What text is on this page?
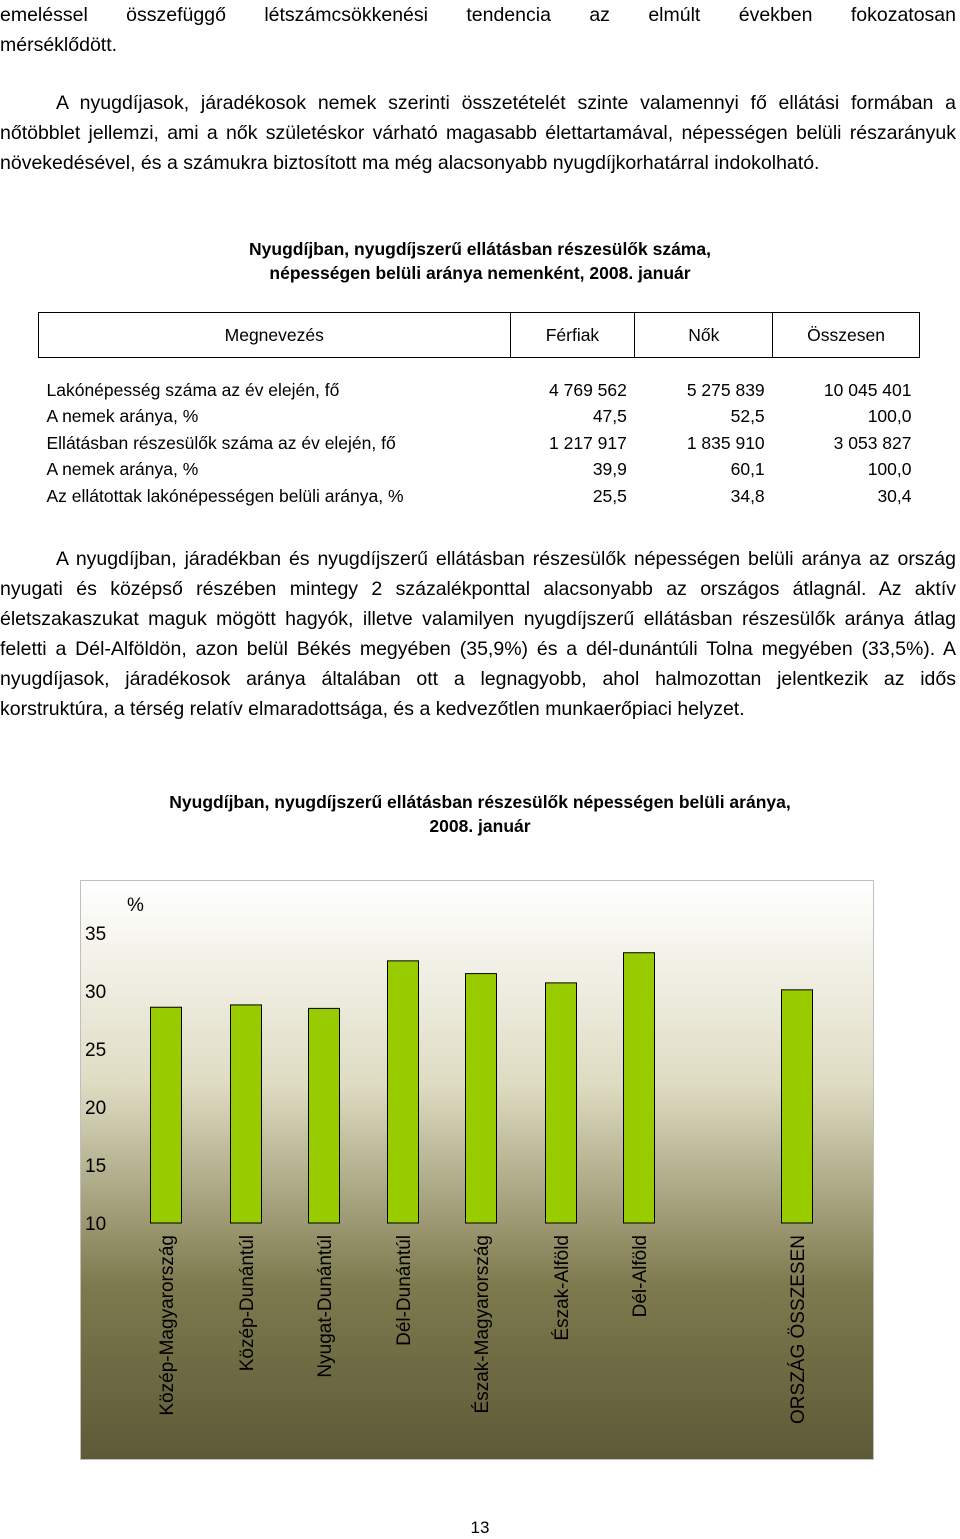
emeléssel összefüggő létszámcsökkenési tendencia az elmúlt években fokozatosan

mérséklődött.

A nyugdíjasok, járadékosok nemek szerinti összetételét szinte valamennyi fő ellátási formában a nőtöbblet jellemzi, ami a nők születéskor várható magasabb élettartamával, népességen belüli részarányuk növekedésével, és a számukra biztosított ma még alacsonyabb nyugdíjkorhatárral indokolható.

Nyugdíjban, nyugdíjszerű ellátásban részesülők száma,
népességen belüli aránya nemenként, 2008. január
Megnevezés	Férfiak	Nők	Összesen

Lakónépesség száma az év elején, fő	4 769 562	5 275 839	10 045 401
A nemek aránya, %	47,5	52,5	100,0
Ellátásban részesülők száma az év elején, fő	1 217 917	1 835 910	3 053 827
A nemek aránya, %	39,9	60,1	100,0
Az ellátottak lakónépességen belüli aránya, %	25,5	34,8	30,4

A nyugdíjban, járadékban és nyugdíjszerű ellátásban részesülők népességen belüli aránya az ország nyugati és középső részében mintegy 2 százalékponttal alacsonyabb az országos átlagnál. Az aktív életszakaszukat maguk mögött hagyók, illetve valamilyen nyugdíjszerű ellátásban részesülők aránya átlag feletti a Dél-Alföldön, azon belül Békés megyében (35,9%) és a dél-dunántúli Tolna megyében (33,5%). A nyugdíjasok, járadékosok aránya általában ott a legnagyobb, ahol halmozottan jelentkezik az idős korstruktúra, a térség relatív elmaradottsága, és a kedvezőtlen munkaerőpiaci helyzet.

Nyugdíjban, nyugdíjszerű ellátásban részesülők népességen belüli aránya,
2008. január
%
10
15
20
25
30
35
Közép-Magyarország	Közép-Dunántúl	Nyugat-Dunántúl	Dél-Dunántúl	Észak-Magyarország	Észak-Alföld	Dél-Alföld	ORSZÁG ÖSSZESEN
13
